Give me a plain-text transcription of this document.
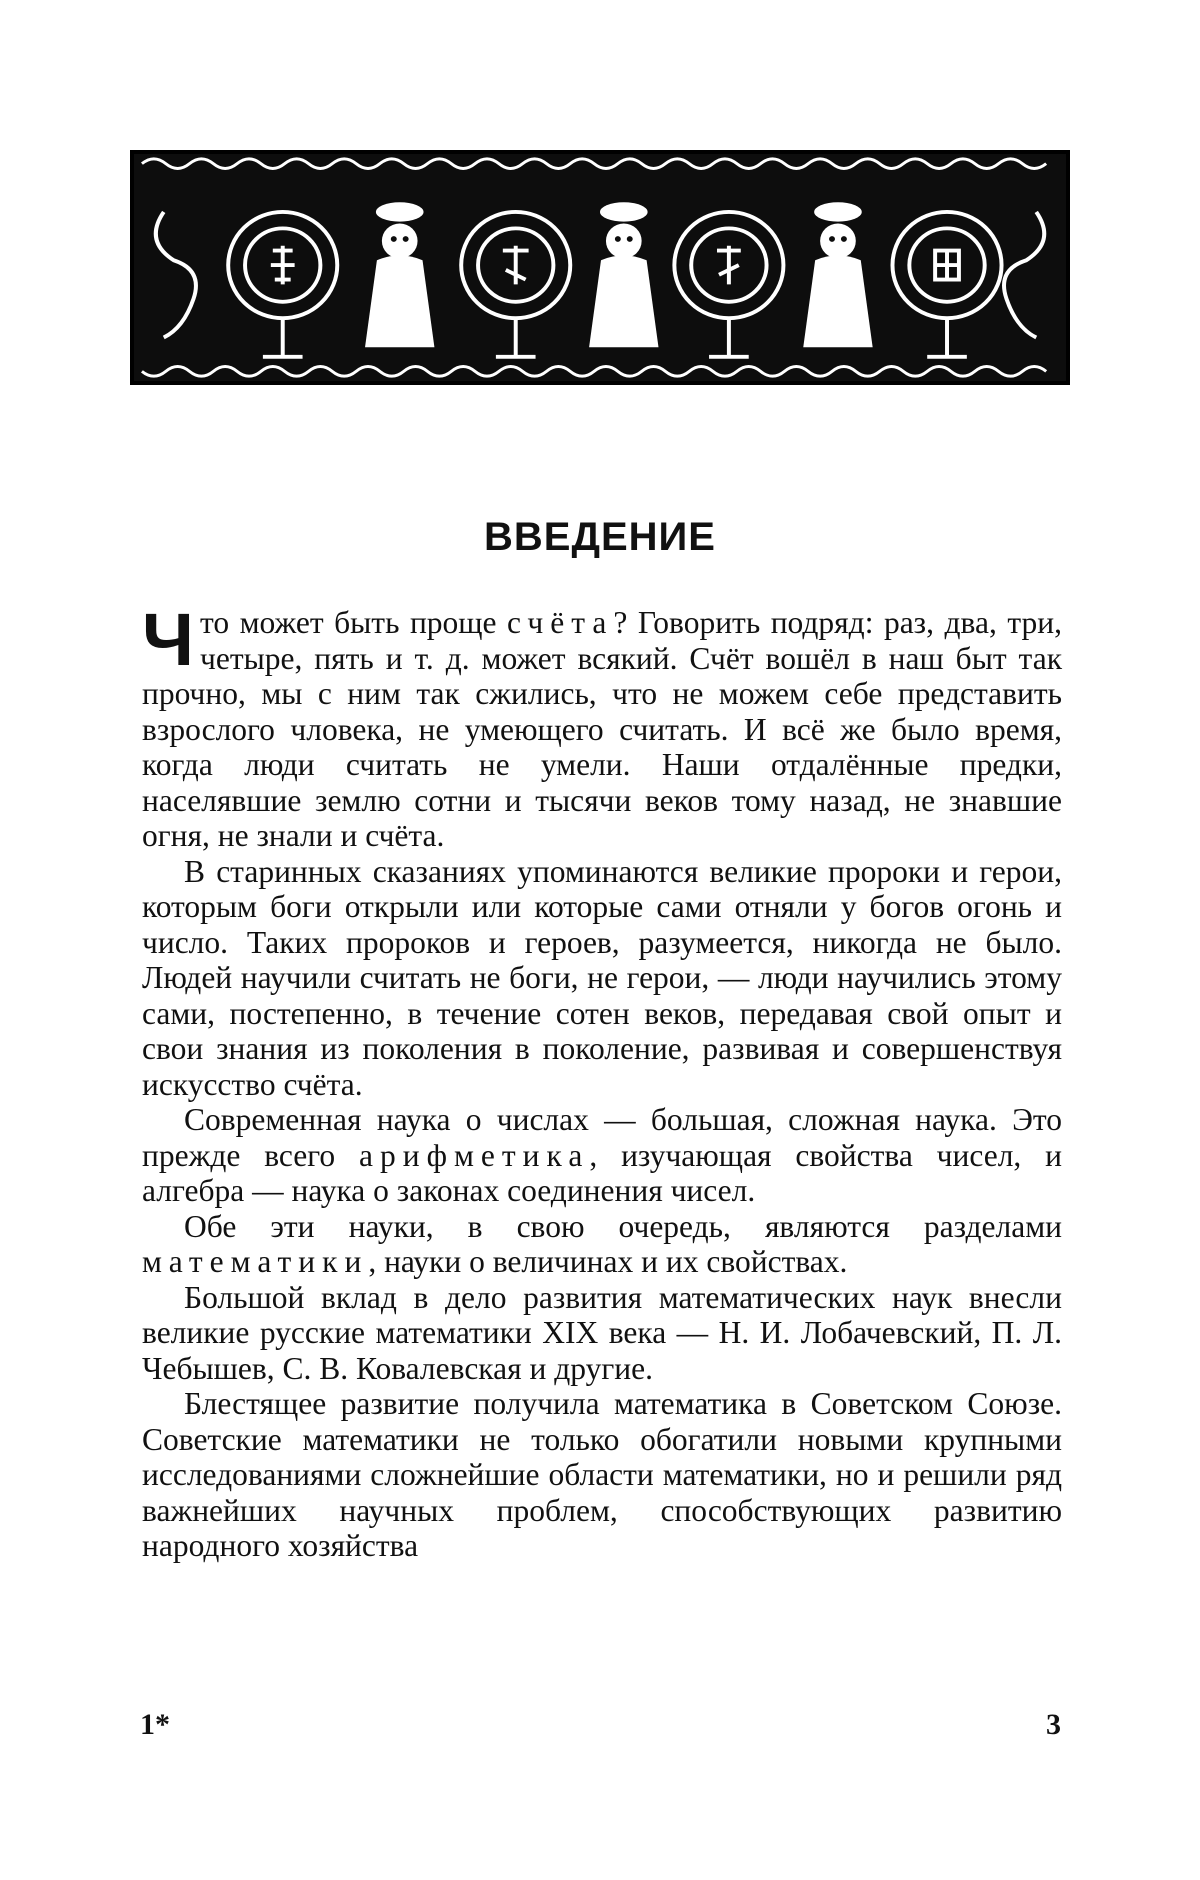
ВВЕДЕНИЕ

Что может быть проще счёта? Говорить подряд: раз, два, три, четыре, пять и т. д. может всякий. Счёт вошёл в наш быт так прочно, мы с ним так сжились, что не можем себе представить взрослого чловека, не умеющего считать. И всё же было время, когда люди считать не умели. Наши отдалённые предки, населявшие землю сотни и тысячи веков тому назад, не знавшие огня, не знали и счёта.

В старинных сказаниях упоминаются великие пророки и герои, которым боги открыли или которые сами отняли у богов огонь и число. Таких пророков и героев, разумеется, никогда не было. Людей научили считать не боги, не герои, — люди научились этому сами, постепенно, в течение сотен веков, передавая свой опыт и свои знания из поколения в поколение, развивая и совершенствуя искусство счёта.

Современная наука о числах — большая, сложная наука. Это прежде всего арифметика, изучающая свойства чисел, и алгебра — наука о законах соединения чисел.

Обе эти науки, в свою очередь, являются разделами математики, науки о величинах и их свойствах.

Большой вклад в дело развития математических наук внесли великие русские математики XIX века — Н. И. Лобачевский, П. Л. Чебышев, С. В. Ковалевская и другие.

Блестящее развитие получила математика в Советском Союзе. Советские математики не только обогатили новыми крупными исследованиями сложнейшие области математики, но и решили ряд важнейших научных проблем, способствующих развитию народного хозяйства

1*	3
